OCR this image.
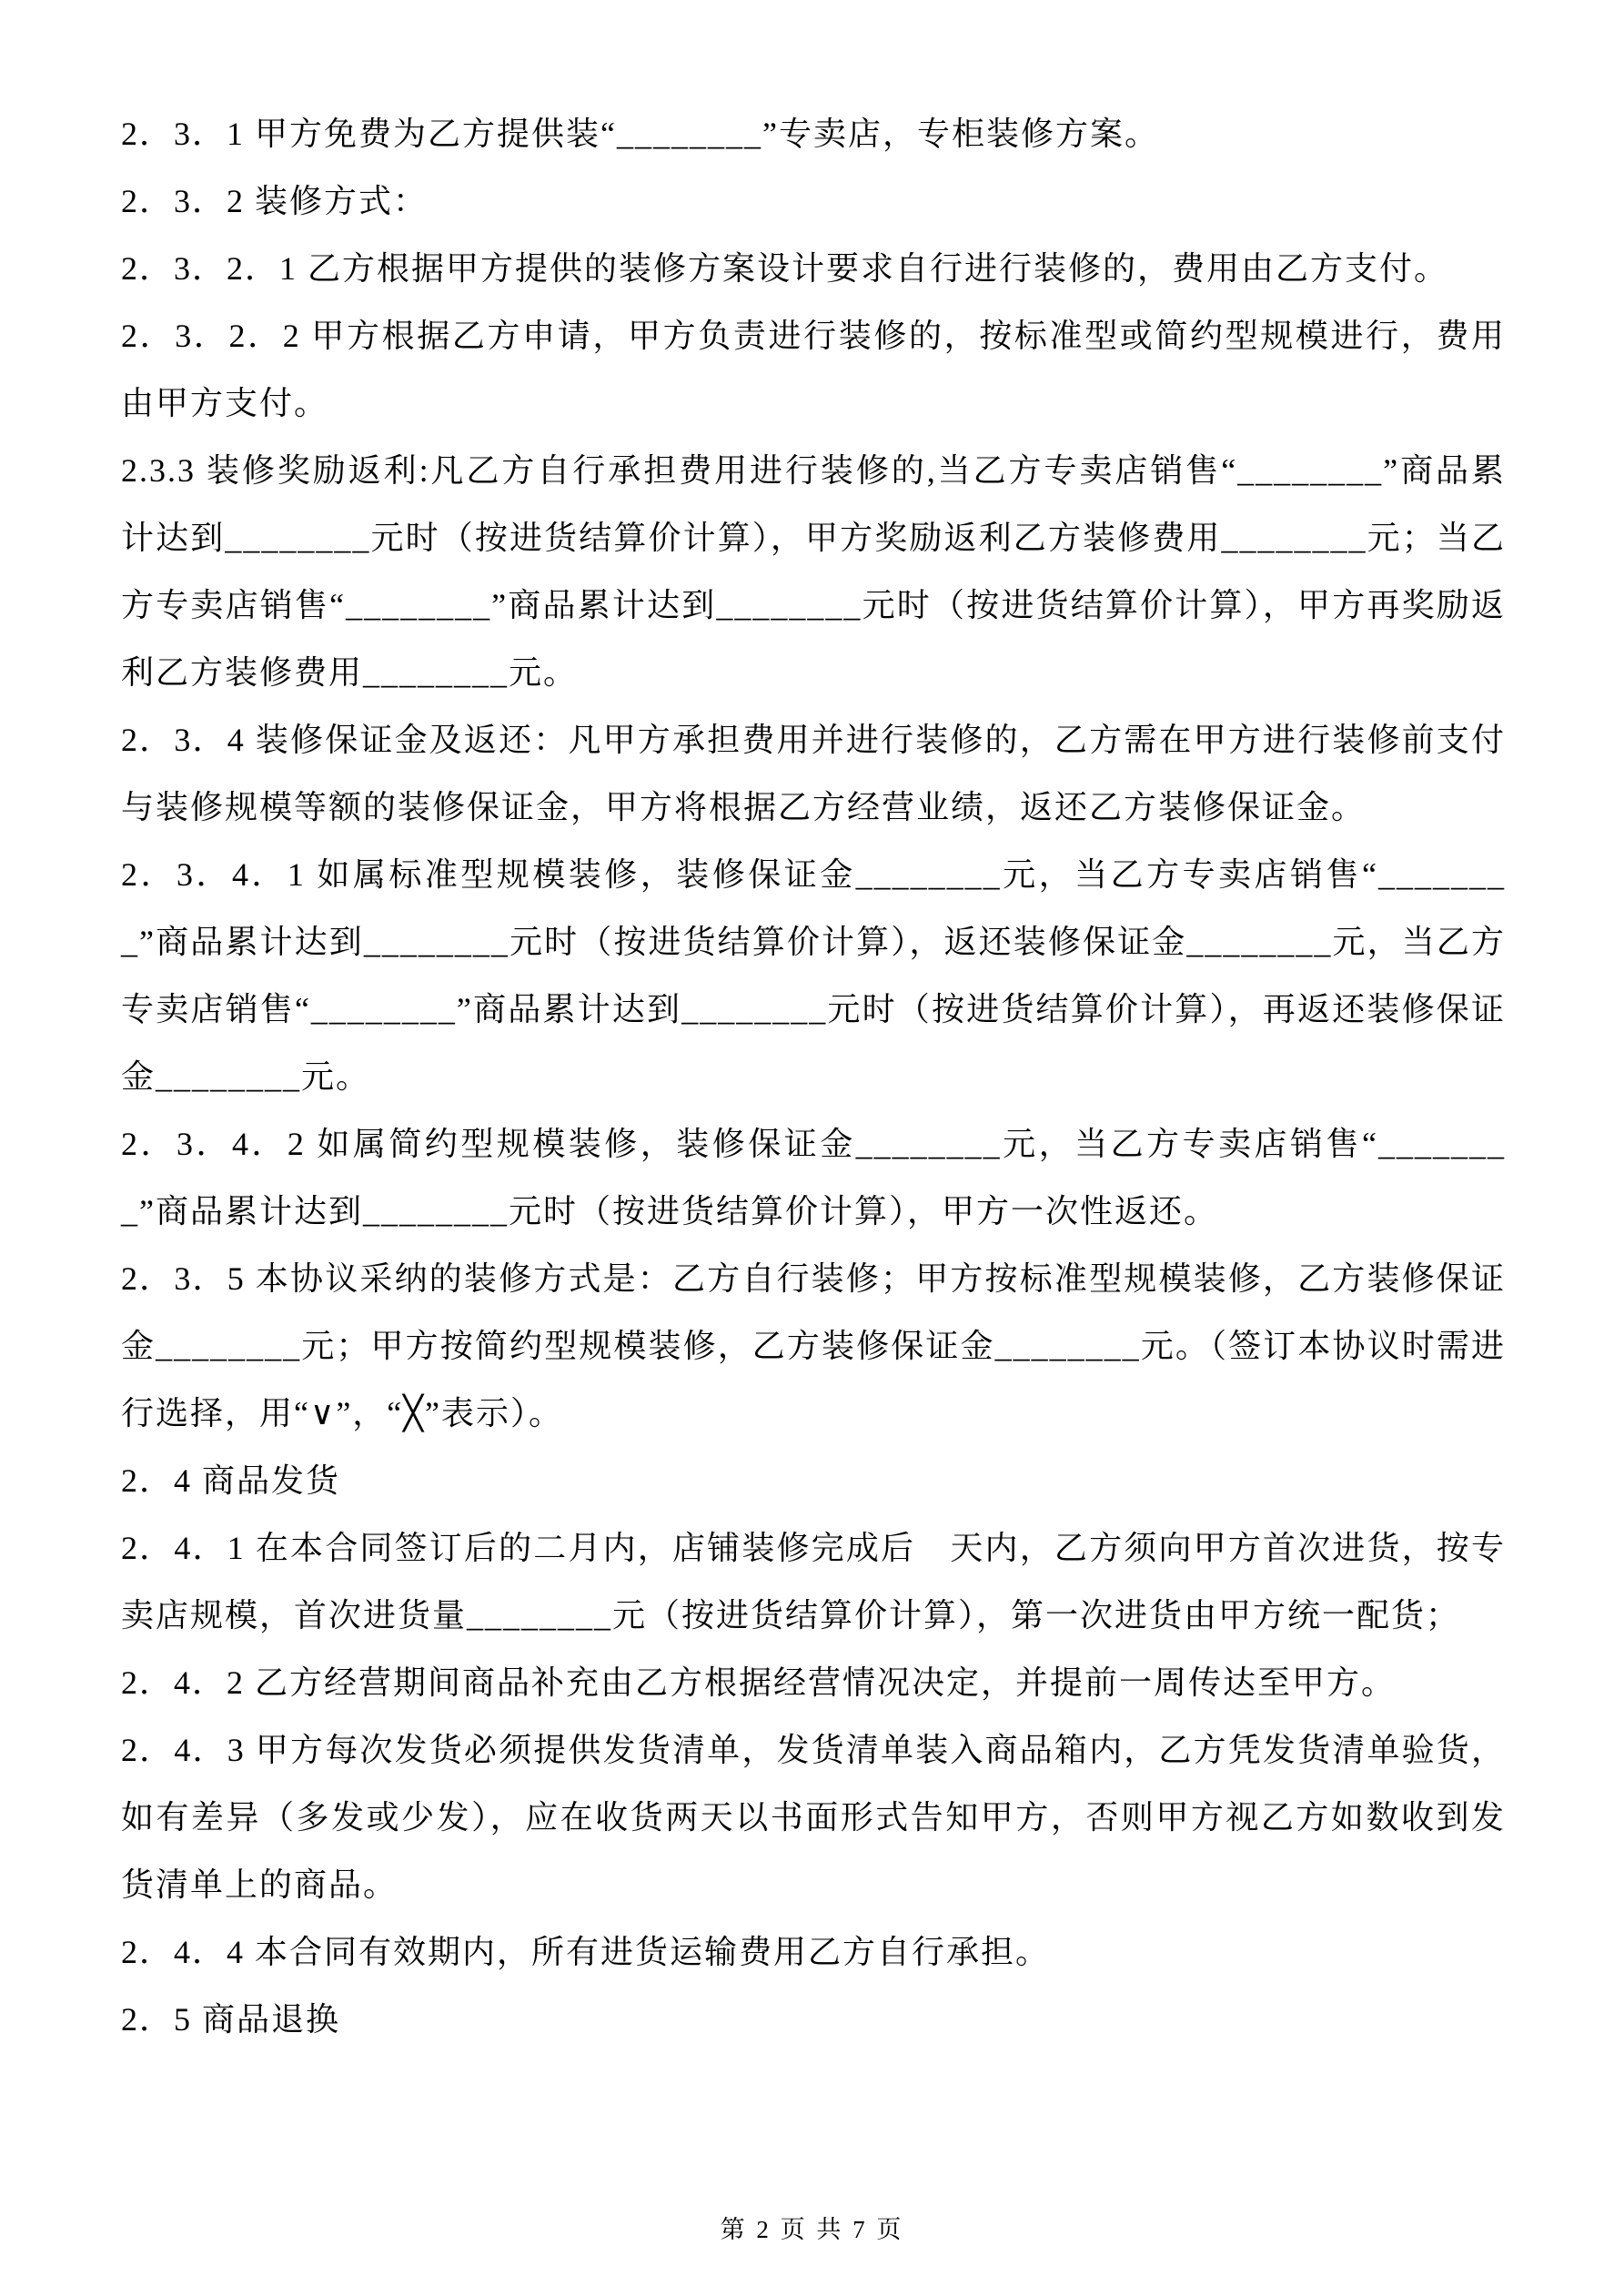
2．3．1 甲方免费为乙方提供装“________”专卖店，专柜装修方案。

2．3．2 装修方式：

2．3．2．1 乙方根据甲方提供的装修方案设计要求自行进行装修的，费用由乙方支付。

2．3．2．2 甲方根据乙方申请，甲方负责进行装修的，按标准型或简约型规模进行，费用由甲方支付。

2.3.3 装修奖励返利:凡乙方自行承担费用进行装修的,当乙方专卖店销售“________”商品累计达到________元时（按进货结算价计算），甲方奖励返利乙方装修费用________元；当乙方专卖店销售“________”商品累计达到________元时（按进货结算价计算），甲方再奖励返利乙方装修费用________元。

2．3．4 装修保证金及返还：凡甲方承担费用并进行装修的，乙方需在甲方进行装修前支付与装修规模等额的装修保证金，甲方将根据乙方经营业绩，返还乙方装修保证金。

2．3．4．1 如属标准型规模装修，装修保证金________元，当乙方专卖店销售“________”商品累计达到________元时（按进货结算价计算），返还装修保证金________元，当乙方专卖店销售“________”商品累计达到________元时（按进货结算价计算），再返还装修保证金________元。

2．3．4．2 如属简约型规模装修，装修保证金________元，当乙方专卖店销售“________”商品累计达到________元时（按进货结算价计算），甲方一次性返还。

2．3．5 本协议采纳的装修方式是：乙方自行装修；甲方按标准型规模装修，乙方装修保证金________元；甲方按简约型规模装修，乙方装修保证金________元。（签订本协议时需进行选择，用“∨”，“╳”表示）。

2．4 商品发货

2．4．1 在本合同签订后的二月内，店铺装修完成后　天内，乙方须向甲方首次进货，按专卖店规模，首次进货量________元（按进货结算价计算），第一次进货由甲方统一配货；

2．4．2 乙方经营期间商品补充由乙方根据经营情况决定，并提前一周传达至甲方。

2．4．3 甲方每次发货必须提供发货清单，发货清单装入商品箱内，乙方凭发货清单验货，如有差异（多发或少发），应在收货两天以书面形式告知甲方，否则甲方视乙方如数收到发货清单上的商品。

2．4．4 本合同有效期内，所有进货运输费用乙方自行承担。

2．5 商品退换

第 2 页 共 7 页
